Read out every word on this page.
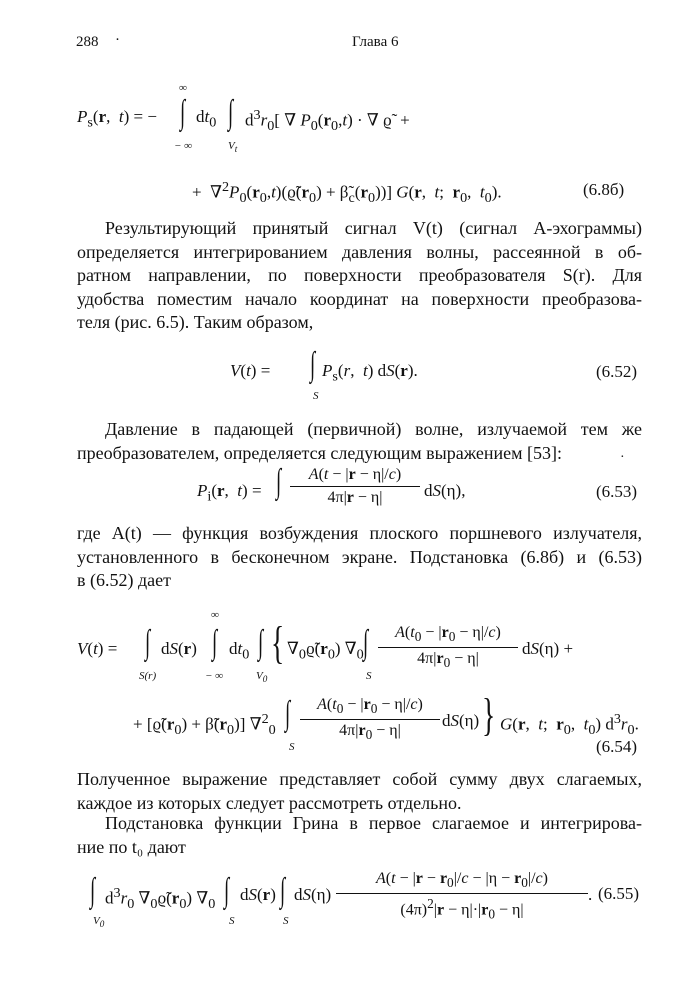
288 ·	Глава 6
∞
∫
− ∞
∫
$V_t$
$P_s(r$,  t) = − $dt_0$ $d^3r_0$[ ∇ $P_0(r_0,t)$ · ∇ ϱ̃  +
+  $\nabla^2P_0(r_0,t)(ϱ̃(r_0)$ + $\betã_c(r_0)$)] G(r,  t;  $r_0$,  $t_0$).	(6.8б)
Результирующий принятый сигнал V(t) (сигнал А-эхограммы)
определяется интегрированием давления волны, рассеянной в об-
ратном направлении, по поверхности преобразователя S(r). Для
удобства поместим начало координат на поверхности преобразова-
теля (рис. 6.5). Таким образом,
V(t) = ∫
S
$P_s(r$,  t) dS(r).	(6.52)
Давление в падающей (первичной) волне, излучаемой тем же
преобразователем, определяется следующим выражением [53]:	·
$P_i(r$,  t) = ∫	A(t − |r − η|/c)
4π|r − η|	dS(η),	(6.53)
где A(t) — функция возбуждения плоского поршневого излучателя,
установленного в бесконечном экране. Подстановка (6.8б) и (6.53)
в (6.52) дает
V(t) = ∫
S(r)
dS(r)
∞
∫
− ∞
$dt_0$ ∫
$V_0$
{ $\nabla_0ϱ̃(r_0)$ $\nabla_0$ ∫
S
$A(t_0 - |r_0 - \eta|/c)$
$4\pi|r_0 - \eta|$
dS(η) +
+ [$ϱ̃(r_0)$ + $\betã(r_0)$] ∇$^2_0$ ∫
S
$A(t_0 - |r_0 - \eta|/c)$
$4\pi|r_0 - \eta|$
dS(η) } G(r,  t;  $r_0$,  $t_0$) $d^3r_0$.
(6.54)
Полученное выражение представляет собой сумму двух слагаемых,
каждое из которых следует рассмотреть отдельно.
Подстановка функции Грина в первое слагаемое и интегрирова-
ние по t₀ дают
∫
$V_0$
$d^3r_0$ $\nabla_0ϱ̃(r_0)$ $\nabla_0$ ∫
S
dS(r) ∫
S
dS(η)
$A(t - |r - r_0|/c - |\eta - r_0|/c)$
$(4\pi)^2|r - \eta|\cdot|r_0 - \eta|$
. (6.55)
